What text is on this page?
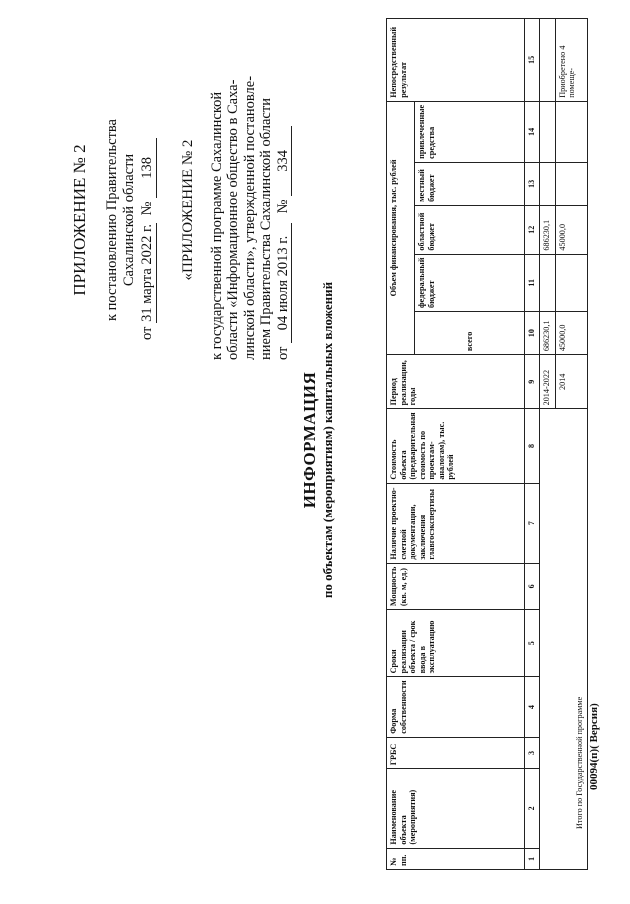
ПРИЛОЖЕНИЕ № 2 к постановлению Правительства Сахалинской области
от 31 марта 2022 г. № 138 «ПРИЛОЖЕНИЕ № 2 к государственной программе Сахалинской области «Информационное общество в Саха- линской области», утвержденной постановле- нием Правительства Сахалинской области от 04 июля 2013 г. № 334
ИНФОРМАЦИЯ по объектам (мероприятиям) капитальных вложений
№ пп.	Наименование объекта (мероприятия)	ГРБС	Форма собственности	Сроки реализации объекта / срок ввода в эксплуатацию	Мощность (кв. м, ед.)	Наличие проектно-сметной документации, заключения главгосэкспертизы	Стоимость объекта (предварительная стоимость по проектам-аналогам), тыс. рублей	Период реализации, годы	Объем финансирования, тыс. рублей					Непосредственный результат
									всего	федеральный бюджет	областной бюджет	местный бюджет	привлеченные средства	
1	2	3	4	5	6	7	8	9	10	11	12	13	14	15
Итого по Государственной программе								2014-2022	686230,1		686230,1			
								2014	45000,0		45000,0			Приобретено 4 помеще-
00094(п)( Версия)
